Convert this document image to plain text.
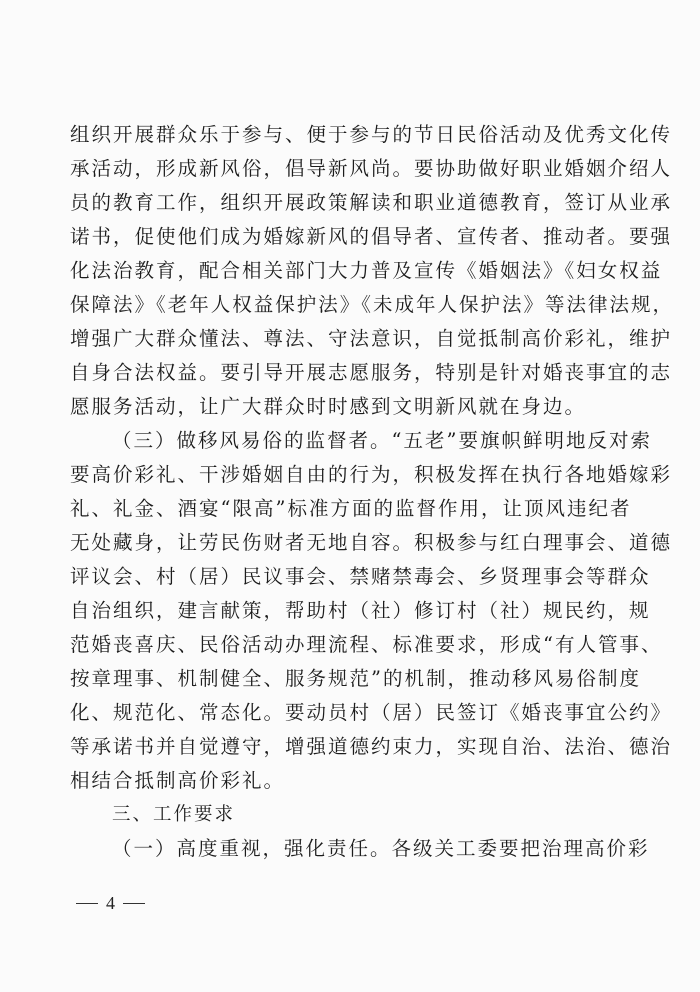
组织开展群众乐于参与、便于参与的节日民俗活动及优秀文化传
承活动，形成新风俗，倡导新风尚。要协助做好职业婚姻介绍人
员的教育工作，组织开展政策解读和职业道德教育，签订从业承
诺书，促使他们成为婚嫁新风的倡导者、宣传者、推动者。要强
化法治教育，配合相关部门大力普及宣传《婚姻法》《妇女权益
保障法》《老年人权益保护法》《未成年人保护法》等法律法规，
增强广大群众懂法、尊法、守法意识，自觉抵制高价彩礼，维护
自身合法权益。要引导开展志愿服务，特别是针对婚丧事宜的志
愿服务活动，让广大群众时时感到文明新风就在身边。
（三）做移风易俗的监督者。“五老”要旗帜鲜明地反对索
要高价彩礼、干涉婚姻自由的行为，积极发挥在执行各地婚嫁彩
礼、礼金、酒宴“限高”标准方面的监督作用，让顶风违纪者
无处藏身，让劳民伤财者无地自容。积极参与红白理事会、道德
评议会、村（居）民议事会、禁赌禁毒会、乡贤理事会等群众
自治组织，建言献策，帮助村（社）修订村（社）规民约，规
范婚丧喜庆、民俗活动办理流程、标准要求，形成“有人管事、
按章理事、机制健全、服务规范”的机制，推动移风易俗制度
化、规范化、常态化。要动员村（居）民签订《婚丧事宜公约》
等承诺书并自觉遵守，增强道德约束力，实现自治、法治、德治
相结合抵制高价彩礼。
三、工作要求
（一）高度重视，强化责任。各级关工委要把治理高价彩
4
